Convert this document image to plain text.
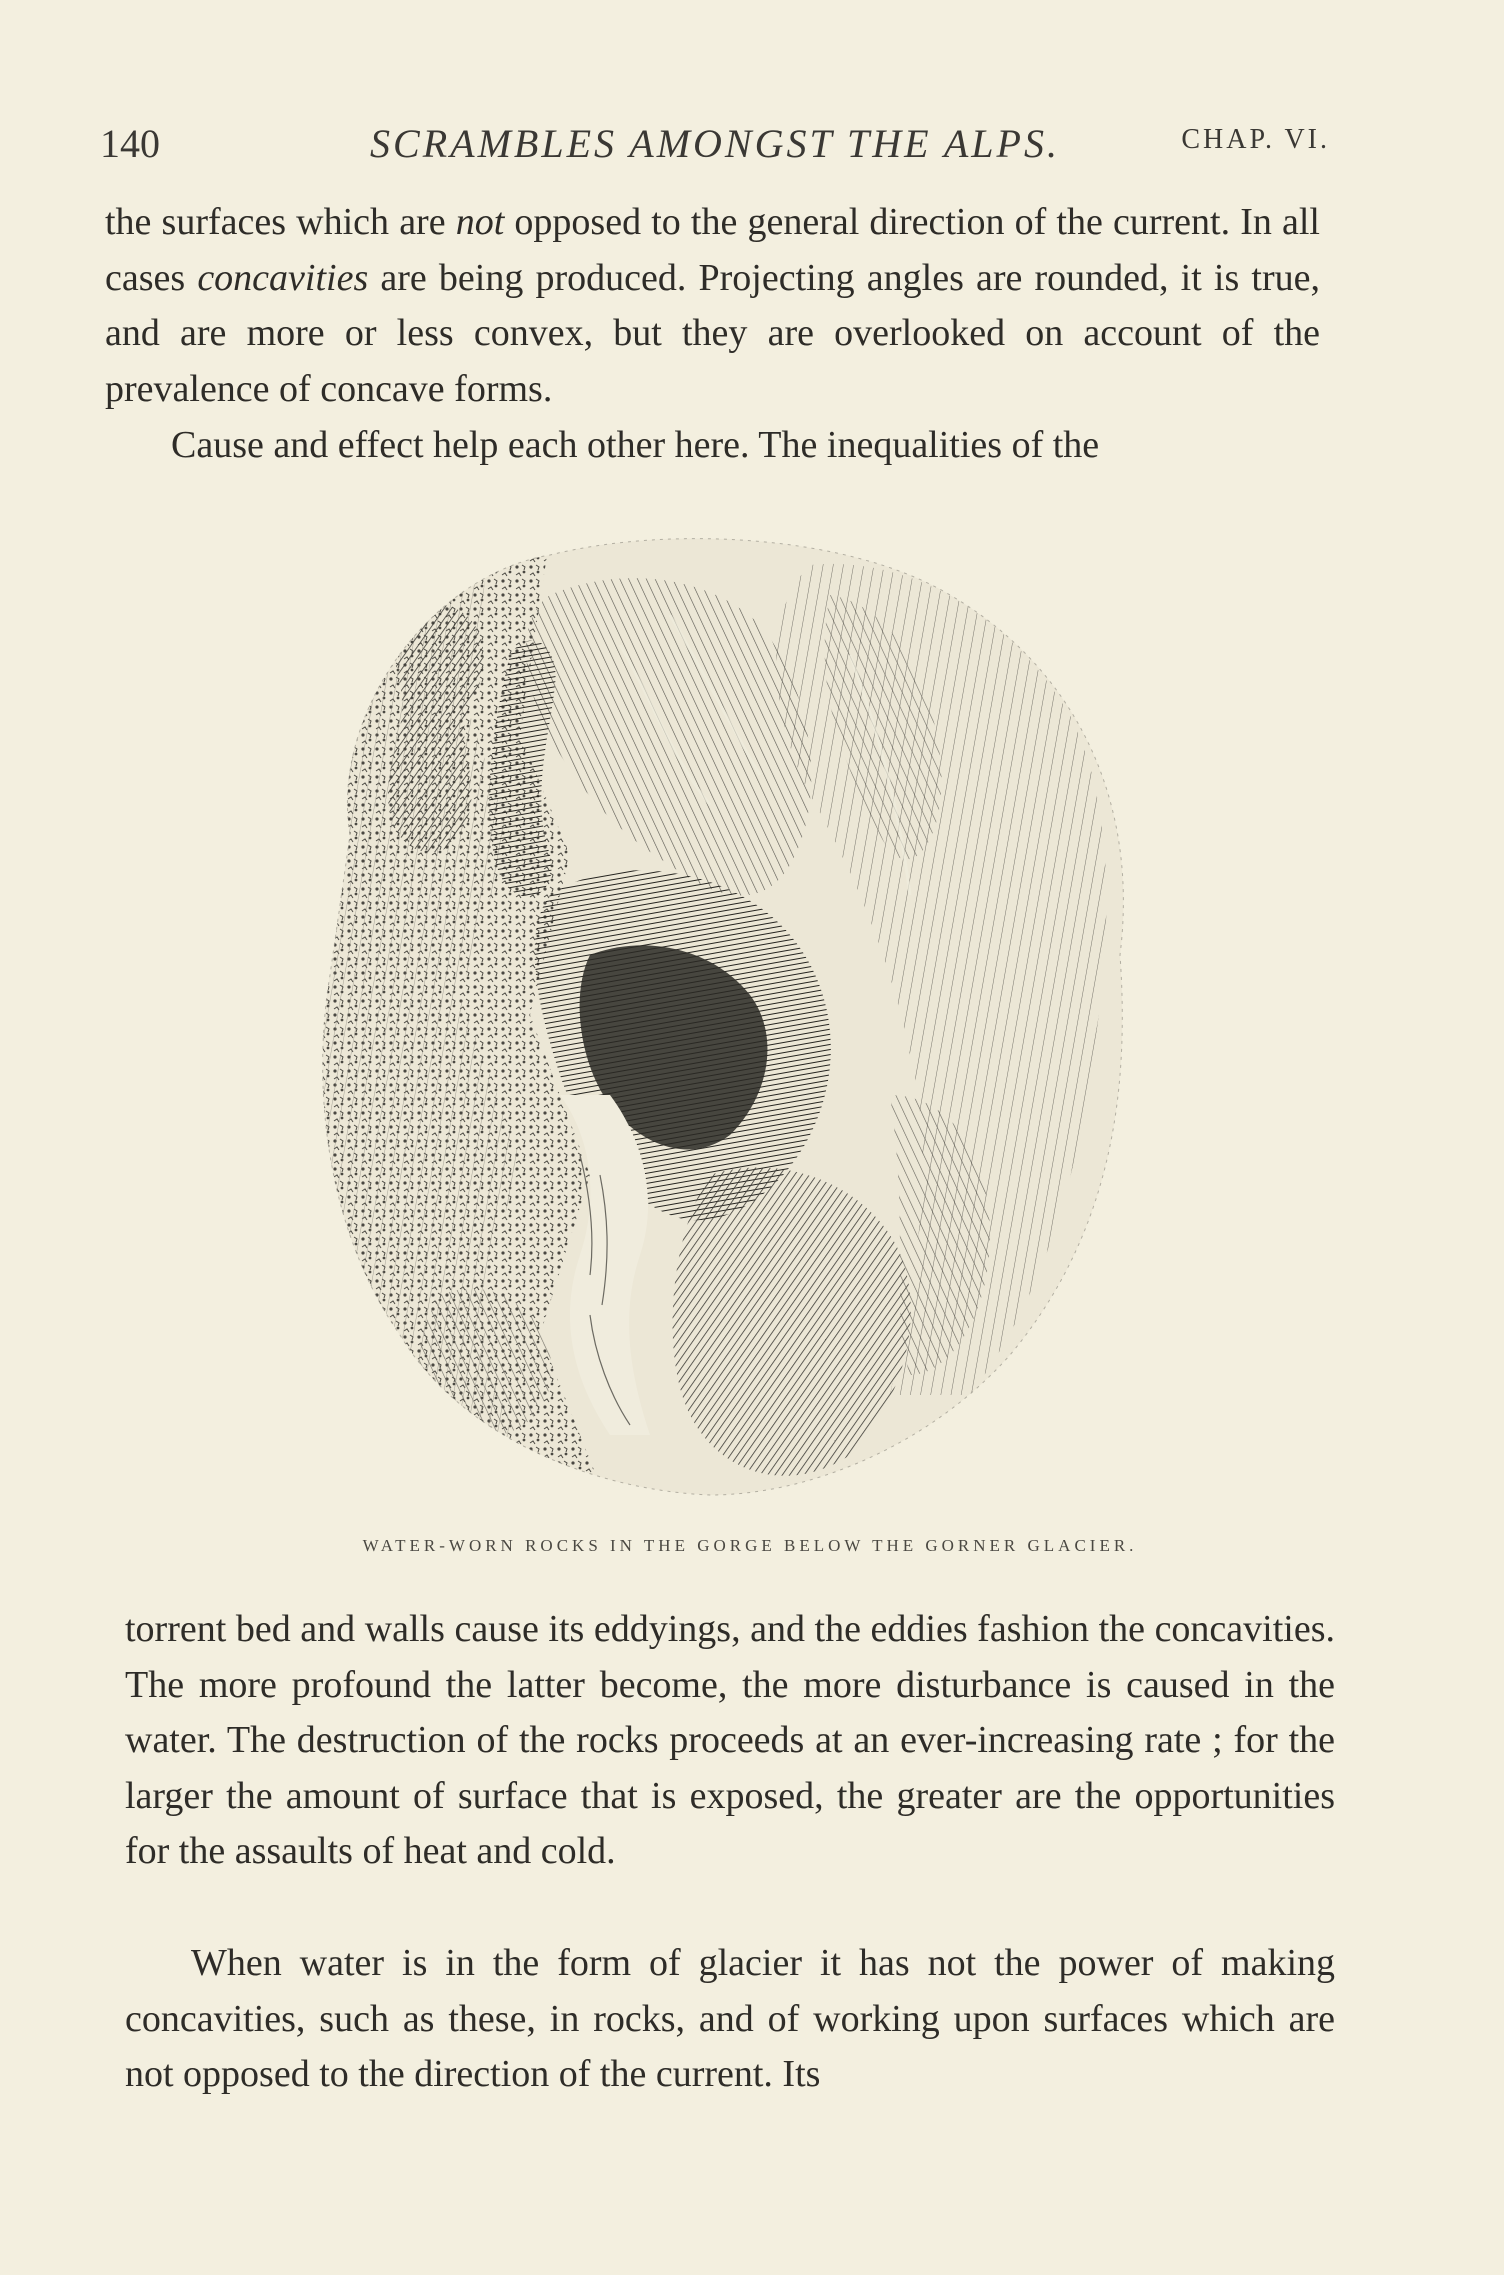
140	SCRAMBLES AMONGST THE ALPS.	CHAP. VI.

the surfaces which are not opposed to the general direction of the current. In all cases concavities are being produced. Projecting angles are rounded, it is true, and are more or less convex, but they are overlooked on account of the prevalence of concave forms.

Cause and effect help each other here. The inequalities of the

WATER-WORN ROCKS IN THE GORGE BELOW THE GORNER GLACIER.

torrent bed and walls cause its eddyings, and the eddies fashion the concavities. The more profound the latter become, the more disturbance is caused in the water. The destruction of the rocks proceeds at an ever-increasing rate ; for the larger the amount of surface that is exposed, the greater are the opportunities for the assaults of heat and cold.

When water is in the form of glacier it has not the power of making concavities, such as these, in rocks, and of working upon surfaces which are not opposed to the direction of the current. Its
